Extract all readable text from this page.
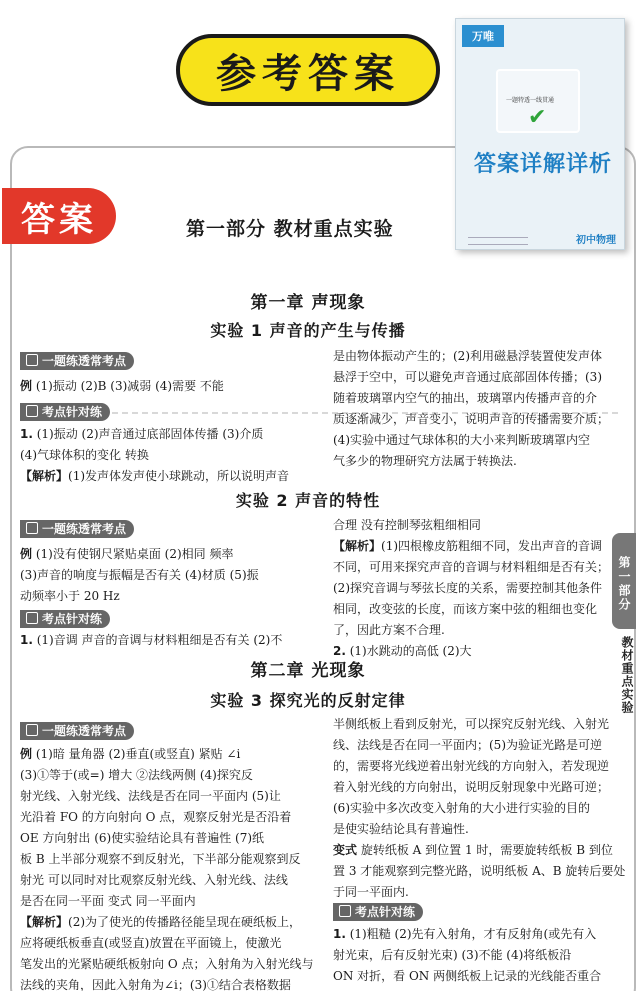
参考答案
万唯
一题特透一线贯通
✔
答案详解详析
初中物理
答案	第一部分 教材重点实验
第一章 声现象
实验 1 声音的产生与传播
一题练透常考点
考点针对练

例 (1)振动 (2)B (3)减弱 (4)需要 不能

1. (1)振动 (2)声音通过底部固体传播 (3)介质

(4)气球体积的变化 转换

【解析】(1)发声体发声使小球跳动，所以说明声音

是由物体振动产生的；(2)利用磁悬浮装置使发声体

悬浮于空中，可以避免声音通过底部固体传播；(3)

随着玻璃罩内空气的抽出，玻璃罩内传播声音的介

质逐渐减少，声音变小，说明声音的传播需要介质；

(4)实验中通过气球体积的大小来判断玻璃罩内空

气多少的物理研究方法属于转换法.

实验 2 声音的特性
一题练透常考点

例 (1)没有使钢尺紧贴桌面 (2)相同 频率

(3)声音的响度与振幅是否有关 (4)材质 (5)振

动频率小于 20 Hz

考点针对练

1. (1)音调 声音的音调与材料粗细是否有关 (2)不

合理 没有控制琴弦粗细相同

【解析】(1)四根橡皮筋粗细不同，发出声音的音调

不同，可用来探究声音的音调与材料粗细是否有关；

(2)探究音调与琴弦长度的关系，需要控制其他条件

相同，改变弦的长度，而该方案中弦的粗细也变化

了，因此方案不合理.

2. (1)水跳动的高低 (2)大

第二章 光现象
实验 3 探究光的反射定律
一题练透常考点

例 (1)暗 量角器 (2)垂直(或竖直) 紧贴 ∠i

(3)①等于(或=) 增大 ②法线两侧 (4)探究反

射光线、入射光线、法线是否在同一平面内 (5)让

光沿着 FO 的方向射向 O 点，观察反射光是否沿着

OE 方向射出 (6)使实验结论具有普遍性 (7)纸

板 B 上半部分观察不到反射光，下半部分能观察到反

射光 可以同时对比观察反射光线、入射光线、法线

是否在同一平面 变式 同一平面内

【解析】(2)为了使光的传播路径能呈现在硬纸板上，

应将硬纸板垂直(或竖直)放置在平面镜上，使激光

笔发出的光紧贴硬纸板射向 O 点；入射角为入射光线与

法线的夹角，因此入射角为∠i；(3)①结合表格数据

半侧纸板上看到反射光，可以探究反射光线、入射光

线、法线是否在同一平面内；(5)为验证光路是可逆

的，需要将光线逆着出射光线的方向射入，若发现逆

着入射光线的方向射出，说明反射现象中光路可逆；

(6)实验中多次改变入射角的大小进行实验的目的

是使实验结论具有普遍性.

变式 旋转纸板 A 到位置 1 时，需要旋转纸板 B 到位

置 3 才能观察到完整光路，说明纸板 A、B 旋转后要处

于同一平面内.

考点针对练

1. (1)粗糙 (2)先有入射角，才有反射角(或先有入

射光束，后有反射光束) (3)不能 (4)将纸板沿

ON 对折，看 ON 两侧纸板上记录的光线能否重合

第一部分
教材重点实验
